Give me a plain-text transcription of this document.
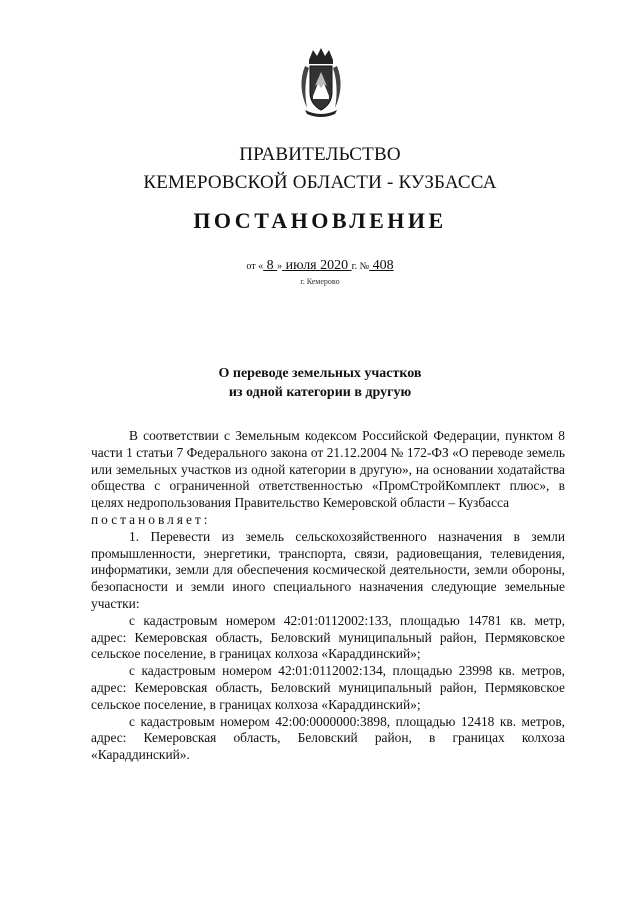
ПРАВИТЕЛЬСТВО
КЕМЕРОВСКОЙ ОБЛАСТИ - КУЗБАССА
ПОСТАНОВЛЕНИЕ
от « 8 » июля 2020 г. № 408
г. Кемерово
О переводе земельных участков
из одной категории в другую

В соответствии с Земельным кодексом Российской Федерации, пунктом 8 части 1 статьи 7 Федерального закона от 21.12.2004 № 172-ФЗ «О переводе земель или земельных участков из одной категории в другую», на основании ходатайства общества с ограниченной ответственностью «ПромСтройКомплект плюс», в целях недропользования Правительство Кемеровской области – Кузбасса

постановляет:

1. Перевести из земель сельскохозяйственного назначения в земли промышленности, энергетики, транспорта, связи, радиовещания, телевидения, информатики, земли для обеспечения космической деятельности, земли обороны, безопасности и земли иного специального назначения следующие земельные участки:

с кадастровым номером 42:01:0112002:133, площадью 14781 кв. метр, адрес: Кемеровская область, Беловский муниципальный район, Пермяковское сельское поселение, в границах колхоза «Караддинский»;

с кадастровым номером 42:01:0112002:134, площадью 23998 кв. метров, адрес: Кемеровская область, Беловский муниципальный район, Пермяковское сельское поселение, в границах колхоза «Караддинский»;

с кадастровым номером 42:00:0000000:3898, площадью 12418 кв. метров, адрес: Кемеровская область, Беловский район, в границах колхоза «Караддинский».
